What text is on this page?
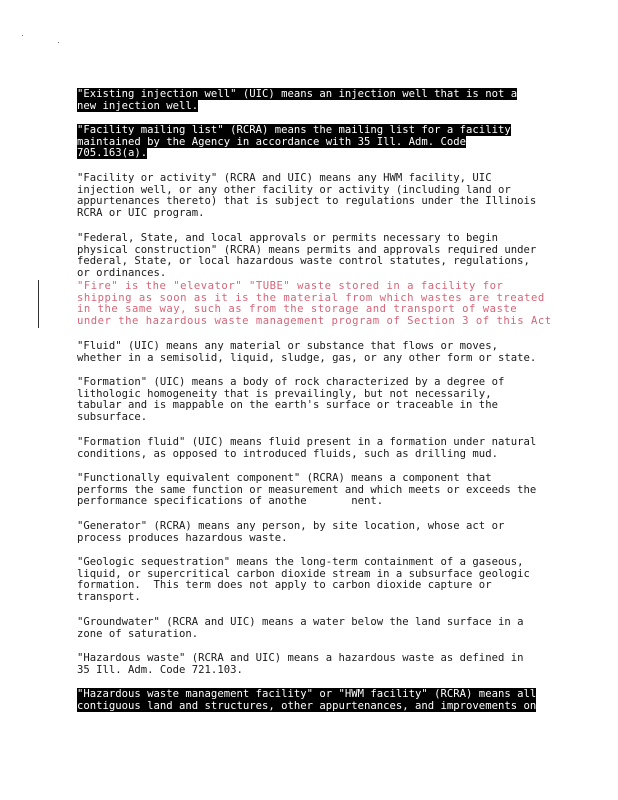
"Existing injection well" (UIC) means an injection well that is not a
new injection well.

"Facility mailing list" (RCRA) means the mailing list for a facility
maintained by the Agency in accordance with 35 Ill. Adm. Code
705.163(a).

"Facility or activity" (RCRA and UIC) means any HWM facility, UIC
injection well, or any other facility or activity (including land or
appurtenances thereto) that is subject to regulations under the Illinois
RCRA or UIC program.

"Federal, State, and local approvals or permits necessary to begin
physical construction" (RCRA) means permits and approvals required under
federal, State, or local hazardous waste control statutes, regulations,
or ordinances.

"Fire" is the "elevator" "TUBE" waste stored in a facility for
shipping as soon as it is the material from which wastes are treated
in the same way, such as from the storage and transport of waste
under the hazardous waste management program of Section 3 of this Act

"Fluid" (UIC) means any material or substance that flows or moves,
whether in a semisolid, liquid, sludge, gas, or any other form or state.

"Formation" (UIC) means a body of rock characterized by a degree of
lithologic homogeneity that is prevailingly, but not necessarily,
tabular and is mappable on the earth's surface or traceable in the
subsurface.

"Formation fluid" (UIC) means fluid present in a formation under natural
conditions, as opposed to introduced fluids, such as drilling mud.

"Functionally equivalent component" (RCRA) means a component that
performs the same function or measurement and which meets or exceeds the
performance specifications of anothe       nent.

"Generator" (RCRA) means any person, by site location, whose act or
process produces hazardous waste.

"Geologic sequestration" means the long-term containment of a gaseous,
liquid, or supercritical carbon dioxide stream in a subsurface geologic
formation.  This term does not apply to carbon dioxide capture or
transport.

"Groundwater" (RCRA and UIC) means a water below the land surface in a
zone of saturation.

"Hazardous waste" (RCRA and UIC) means a hazardous waste as defined in
35 Ill. Adm. Code 721.103.

"Hazardous waste management facility" or "HWM facility" (RCRA) means all
contiguous land and structures, other appurtenances, and improvements on
